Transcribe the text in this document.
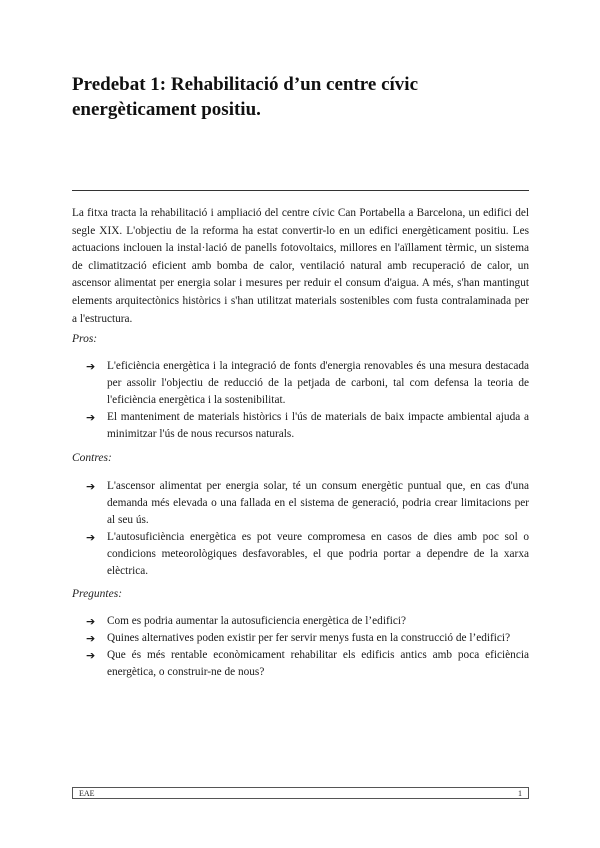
Predebat 1: Rehabilitació d’un centre cívic energèticament positiu.

La fitxa tracta la rehabilitació i ampliació del centre cívic Can Portabella a Barcelona, un edifici del segle XIX. L'objectiu de la reforma ha estat convertir-lo en un edifici energèticament positiu. Les actuacions inclouen la instal·lació de panells fotovoltaics, millores en l'aïllament tèrmic, un sistema de climatització eficient amb bomba de calor, ventilació natural amb recuperació de calor, un ascensor alimentat per energia solar i mesures per reduir el consum d'aigua. A més, s'han mantingut elements arquitectònics històrics i s'han utilitzat materials sostenibles com fusta contralaminada per a l'estructura.

Pros:

➔ L'eficiència energètica i la integració de fonts d'energia renovables és una mesura destacada per assolir l'objectiu de reducció de la petjada de carboni, tal com defensa la teoria de l'eficiència energètica i la sostenibilitat.
➔ El manteniment de materials històrics i l'ús de materials de baix impacte ambiental ajuda a minimitzar l'ús de nous recursos naturals.

Contres:

➔ L'ascensor alimentat per energia solar, té un consum energètic puntual que, en cas d'una demanda més elevada o una fallada en el sistema de generació, podria crear limitacions per al seu ús.
➔ L'autosuficiència energètica es pot veure compromesa en casos de dies amb poc sol o condicions meteorològiques desfavorables, el que podria portar a dependre de la xarxa elèctrica.

Preguntes:

➔ Com es podria aumentar la autosuficiencia energètica de l’edifici?
➔ Quines alternatives poden existir per fer servir menys fusta en la construcció de l’edifici?
➔ Que és més rentable econòmicament rehabilitar els edificis antics amb poca eficiència energètica, o construir-ne de nous?
EAE	1
